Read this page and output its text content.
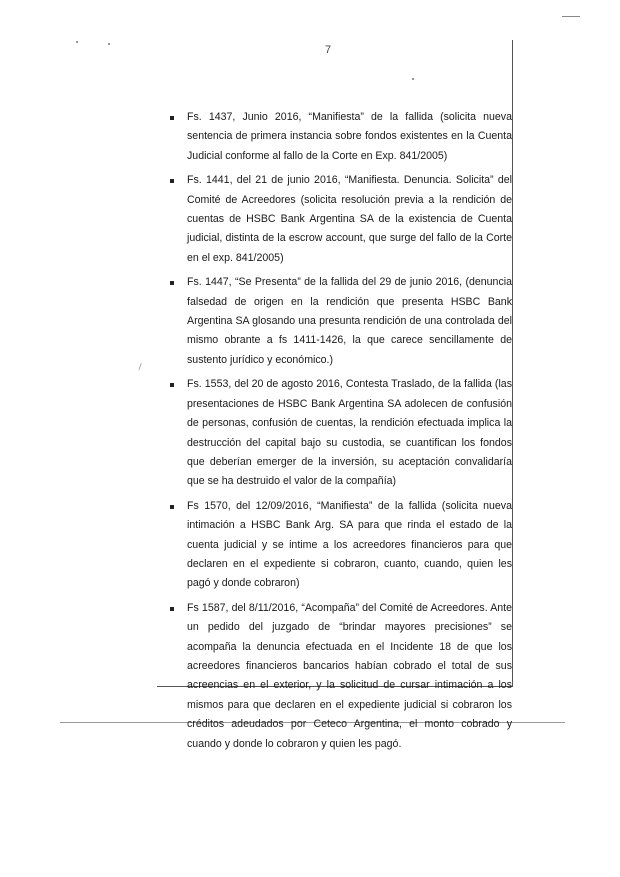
7
\
Fs. 1437, Junio 2016, “Manifiesta” de la fallida (solicita nueva sentencia de primera instancia sobre fondos existentes en la Cuenta Judicial conforme al fallo de la Corte en Exp. 841/2005)
Fs. 1441, del 21 de junio 2016, “Manifiesta. Denuncia. Solicita” del Comité de Acreedores (solicita resolución previa a la rendición de cuentas de HSBC Bank Argentina SA de la existencia de Cuenta judicial, distinta de la escrow account, que surge del fallo de la Corte en el exp. 841/2005)
Fs. 1447, “Se Presenta” de la fallida del 29 de junio 2016, (denuncia falsedad de origen en la rendición que presenta HSBC Bank Argentina SA glosando una presunta rendición de una controlada del mismo obrante a fs 1411-1426, la que carece sencillamente de sustento jurídico y económico.)
Fs. 1553, del 20 de agosto 2016, Contesta Traslado, de la fallida (las presentaciones de HSBC Bank Argentina SA adolecen de confusión de personas, confusión de cuentas, la rendición efectuada implica la destrucción del capital bajo su custodia, se cuantifican los fondos que deberían emerger de la inversión, su aceptación convalidaría que se ha destruido el valor de la compañía)
Fs 1570, del 12/09/2016, “Manifiesta” de la fallida (solicita nueva intimación a HSBC Bank Arg. SA para que rinda el estado de la cuenta judicial y se intime a los acreedores financieros para que declaren en el expediente si cobraron, cuanto, cuando, quien les pagó y donde cobraron)
Fs 1587, del 8/11/2016, “Acompaña” del Comité de Acreedores. Ante un pedido del juzgado de “brindar mayores precisiones” se acompaña la denuncia efectuada en el Incidente 18 de que los acreedores financieros bancarios habían cobrado el total de sus acreencias en el exterior, y la solicitud de cursar intimación a los mismos para que declaren en el expediente judicial si cobraron los créditos adeudados por Ceteco Argentina, el monto cobrado y cuando y donde lo cobraron y quien les pagó.
